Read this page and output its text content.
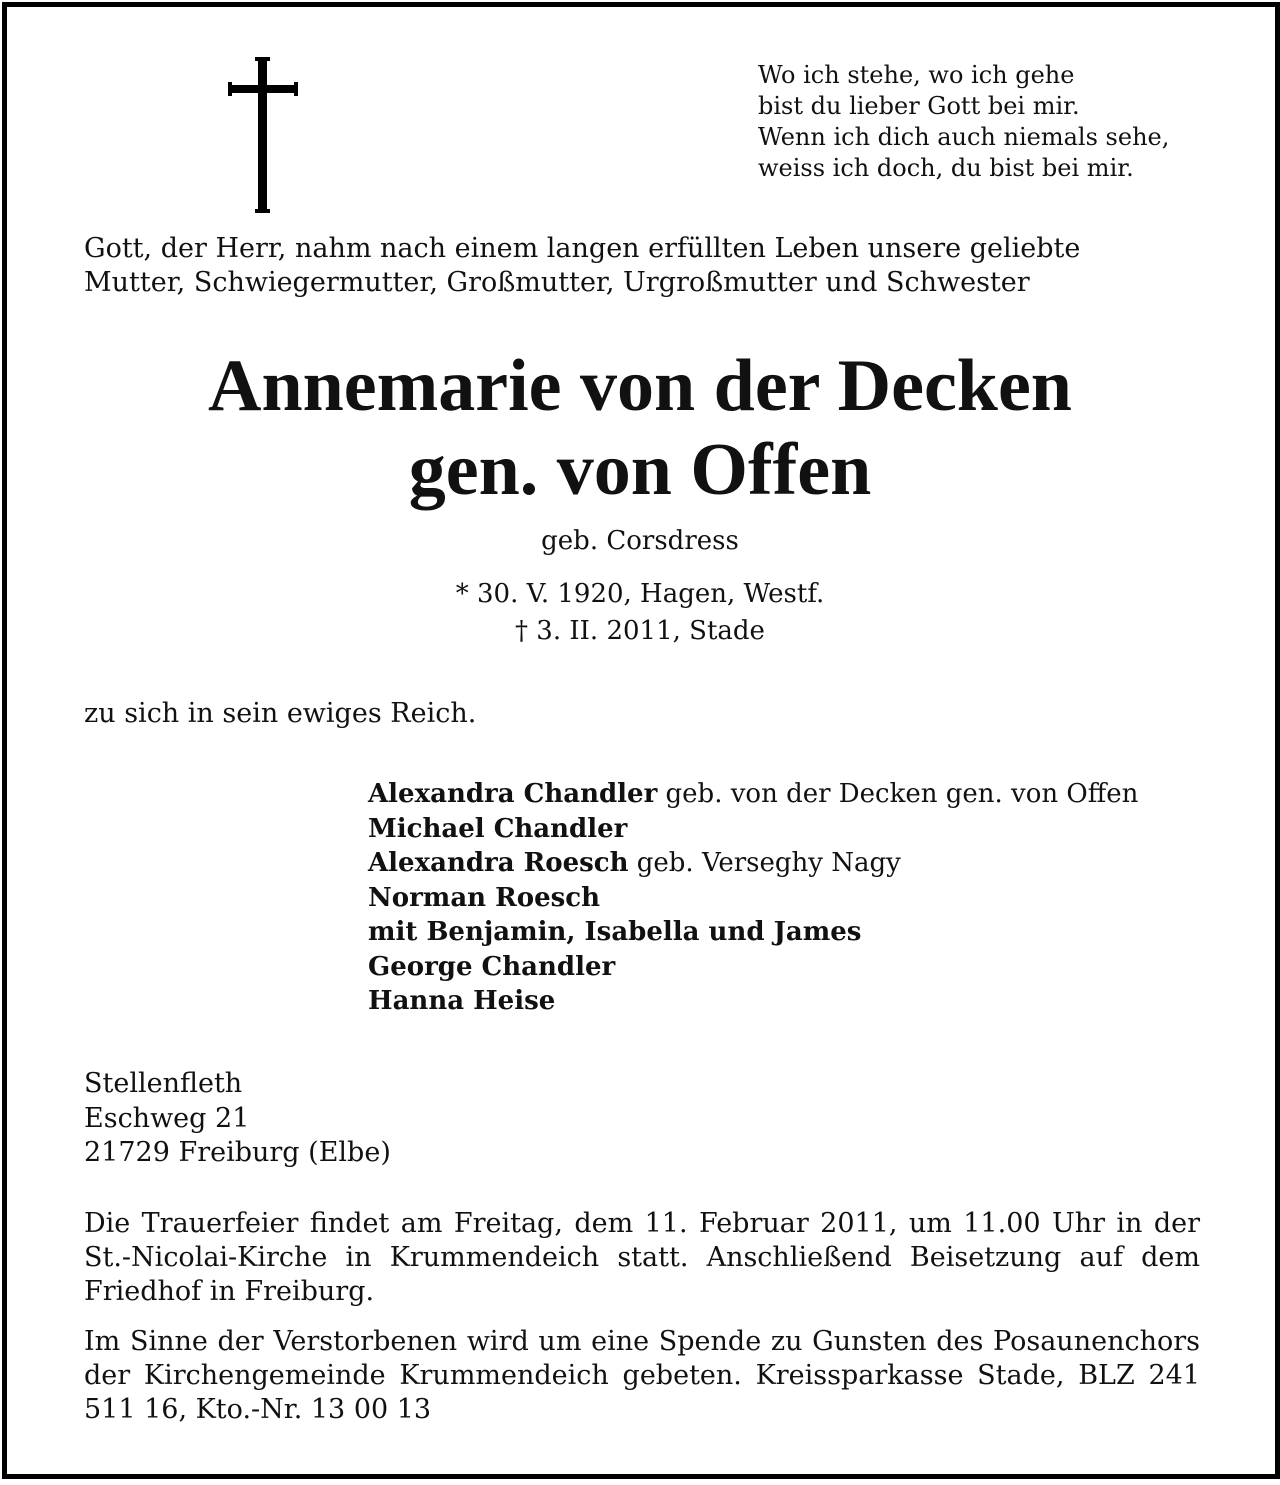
Wo ich stehe, wo ich gehe
bist du lieber Gott bei mir.
Wenn ich dich auch niemals sehe,
weiss ich doch, du bist bei mir.
Gott, der Herr, nahm nach einem langen erfüllten Leben unsere geliebte
Mutter, Schwiegermutter, Großmutter, Urgroßmutter und Schwester
Annemarie von der Decken
gen. von Offen
geb. Corsdress
* 30. V. 1920, Hagen, Westf.
† 3. II. 2011, Stade
zu sich in sein ewiges Reich.
Alexandra Chandler geb. von der Decken gen. von Offen
Michael Chandler
Alexandra Roesch geb. Verseghy Nagy
Norman Roesch
mit Benjamin, Isabella und James
George Chandler
Hanna Heise
Stellenfleth
Eschweg 21
21729 Freiburg (Elbe)
Die Trauerfeier findet am Freitag, dem 11. Februar 2011, um 11.00 Uhr in der St.-Nicolai-Kirche in Krummendeich statt. Anschließend Beisetzung auf dem Friedhof in Freiburg.
Im Sinne der Verstorbenen wird um eine Spende zu Gunsten des Posaunenchors der Kirchengemeinde Krummendeich gebeten. Kreissparkasse Stade, BLZ 241 511 16, Kto.-Nr. 13 00 13
